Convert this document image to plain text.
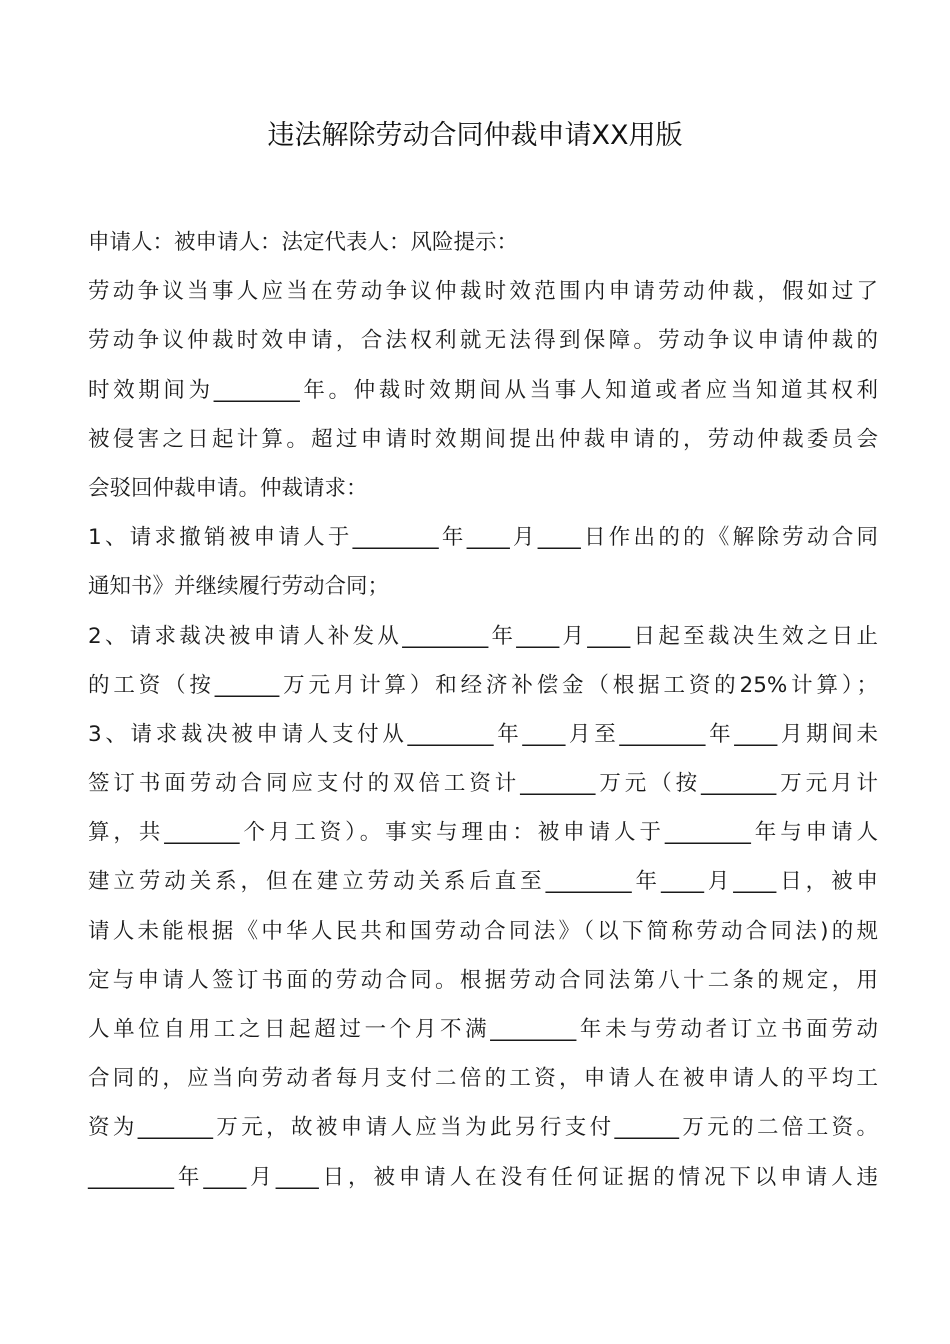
违法解除劳动合同仲裁申请XX用版
申请人：被申请人：法定代表人：风险提示：
劳动争议当事人应当在劳动争议仲裁时效范围内申请劳动仲裁，假如过了
劳动争议仲裁时效申请，合法权利就无法得到保障。劳动争议申请仲裁的
时效期间为________年。仲裁时效期间从当事人知道或者应当知道其权利
被侵害之日起计算。超过申请时效期间提出仲裁申请的，劳动仲裁委员会
会驳回仲裁申请。仲裁请求：
1、请求撤销被申请人于________年____月____日作出的的《解除劳动合同
通知书》并继续履行劳动合同；
2、请求裁决被申请人补发从________年____月____日起至裁决生效之日止
的工资（按______万元月计算）和经济补偿金（根据工资的25%计算）；
3、请求裁决被申请人支付从________年____月至________年____月期间未
签订书面劳动合同应支付的双倍工资计_______万元（按_______万元月计
算，共_______个月工资）。事实与理由：被申请人于________年与申请人
建立劳动关系，但在建立劳动关系后直至________年____月____日，被申
请人未能根据《中华人民共和国劳动合同法》（以下简称劳动合同法)的规
定与申请人签订书面的劳动合同。根据劳动合同法第八十二条的规定，用
人单位自用工之日起超过一个月不满________年未与劳动者订立书面劳动
合同的，应当向劳动者每月支付二倍的工资，申请人在被申请人的平均工
资为_______万元，故被申请人应当为此另行支付______万元的二倍工资。
________年____月____日，被申请人在没有任何证据的情况下以申请人违
